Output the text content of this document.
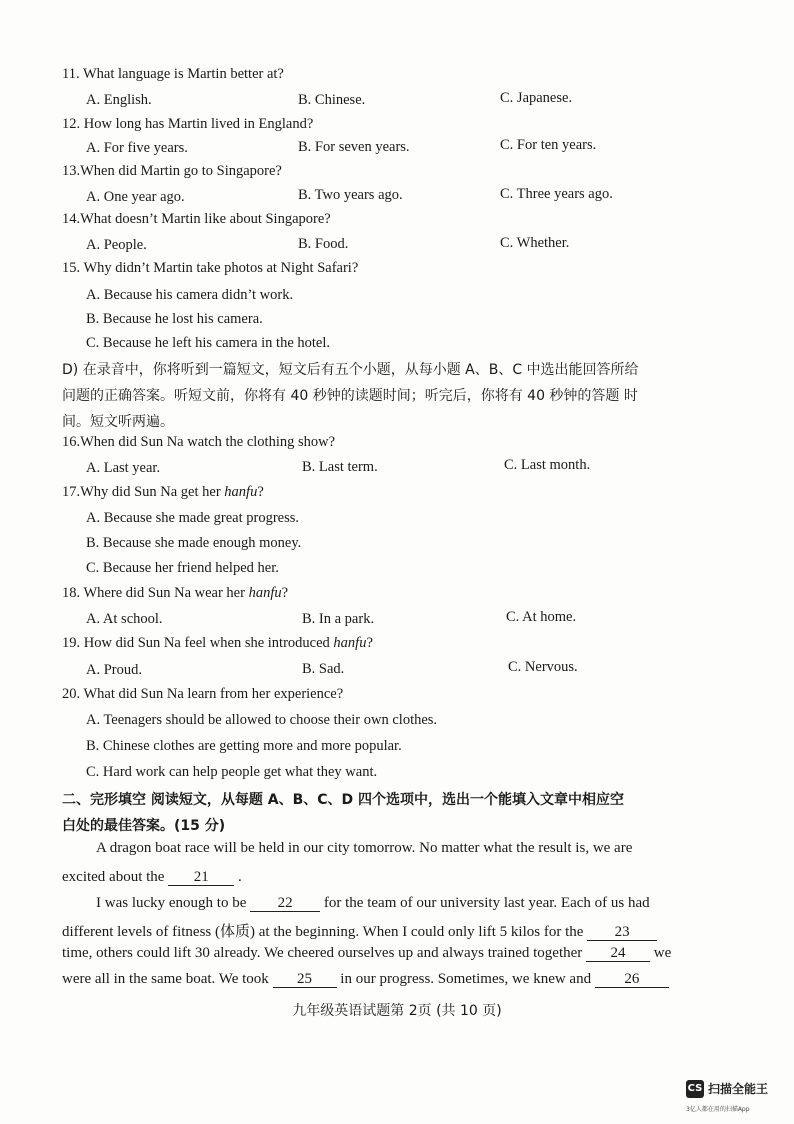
11. What language is Martin better at?
A. English.	B. Chinese.	C. Japanese.
12. How long has Martin lived in England?
A. For five years.	B. For seven years.	C. For ten years.
13.When did Martin go to Singapore?
A. One year ago.	B. Two years ago.	C. Three years ago.
14.What doesn’t Martin like about Singapore?
A. People.	B. Food.	C. Whether.
15. Why didn’t Martin take photos at Night Safari?
A. Because his camera didn’t work.
B. Because he lost his camera.
C. Because he left his camera in the hotel.
D) 在录音中，你将听到一篇短文，短文后有五个小题，从每小题 A、B、C 中选出能回答所给
问题的正确答案。听短文前，你将有 40 秒钟的读题时间；听完后，你将有 40 秒钟的答题 时
间。短文听两遍。
16.When did Sun Na watch the clothing show?
A. Last year.	B. Last term.	C. Last month.
17.Why did Sun Na get her hanfu?
A. Because she made great progress.
B. Because she made enough money.
C. Because her friend helped her.
18. Where did Sun Na wear her hanfu?
A. At school.	B. In a park.	C. At home.
19. How did Sun Na feel when she introduced hanfu?
A. Proud.	B. Sad.	C. Nervous.
20. What did Sun Na learn from her experience?
A. Teenagers should be allowed to choose their own clothes.
B. Chinese clothes are getting more and more popular.
C. Hard work can help people get what they want.
二、完形填空 阅读短文，从每题 A、B、C、D 四个选项中，选出一个能填入文章中相应空
白处的最佳答案。(15 分)
A dragon boat race will be held in our city tomorrow. No matter what the result is, we are
excited about the 21 .
I was lucky enough to be 22 for the team of our university last year. Each of us had
different levels of fitness (体质) at the beginning. When I could only lift 5 kilos for the 23
time, others could lift 30 already. We cheered ourselves up and always trained together 24 we
were all in the same boat. We took 25 in our progress. Sometimes, we knew and 26
九年级英语试题第 2页 (共 10 页)
CS 扫描全能王
3亿人都在用的扫描App
